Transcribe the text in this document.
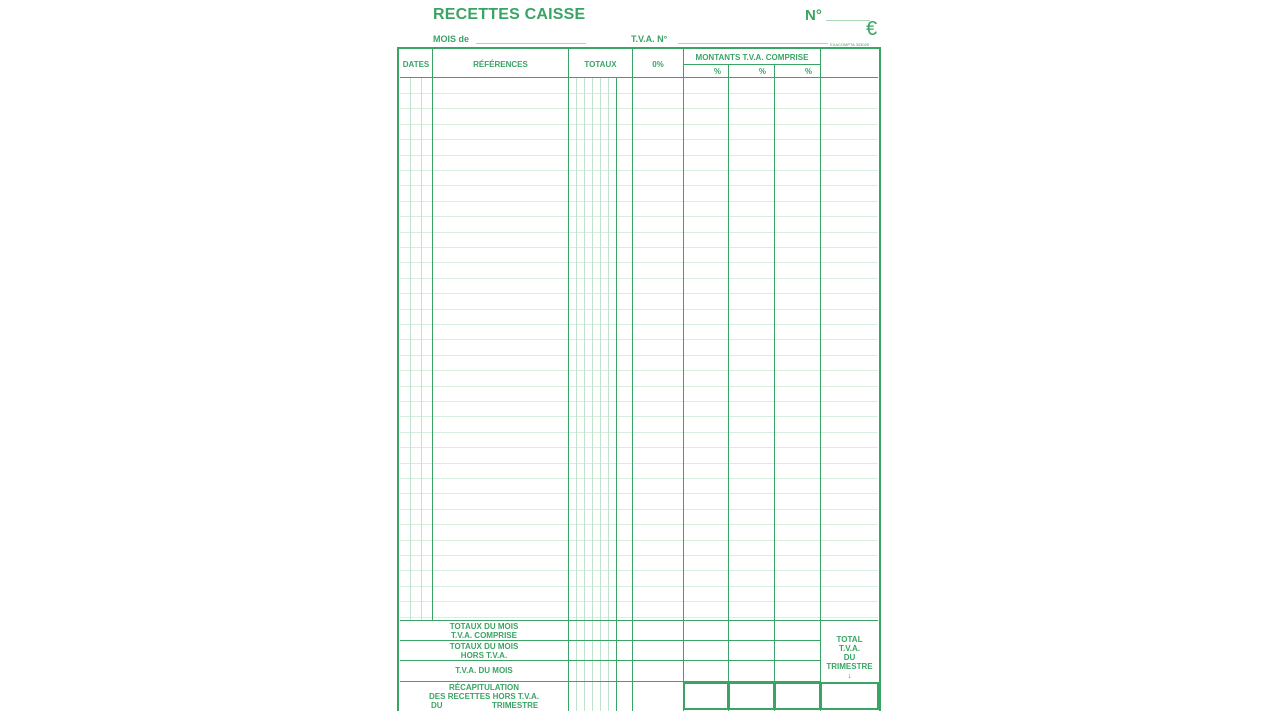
RECETTES CAISSE	N°
€
EXACOMPTA 333025
MOIS de	T.V.A. N°
DATES	RÉFÉRENCES	TOTAUX	0%
MONTANTS T.V.A. COMPRISE
%	%	%
TOTAUX DU MOIS
T.V.A. COMPRISE
TOTAUX DU MOIS
HORS T.V.A.
T.V.A. DU MOIS
RÉCAPITULATION
DES RECETTES HORS T.V.A.
DU	TRIMESTRE
TOTAL
T.V.A.
DU
TRIMESTRE
↓
